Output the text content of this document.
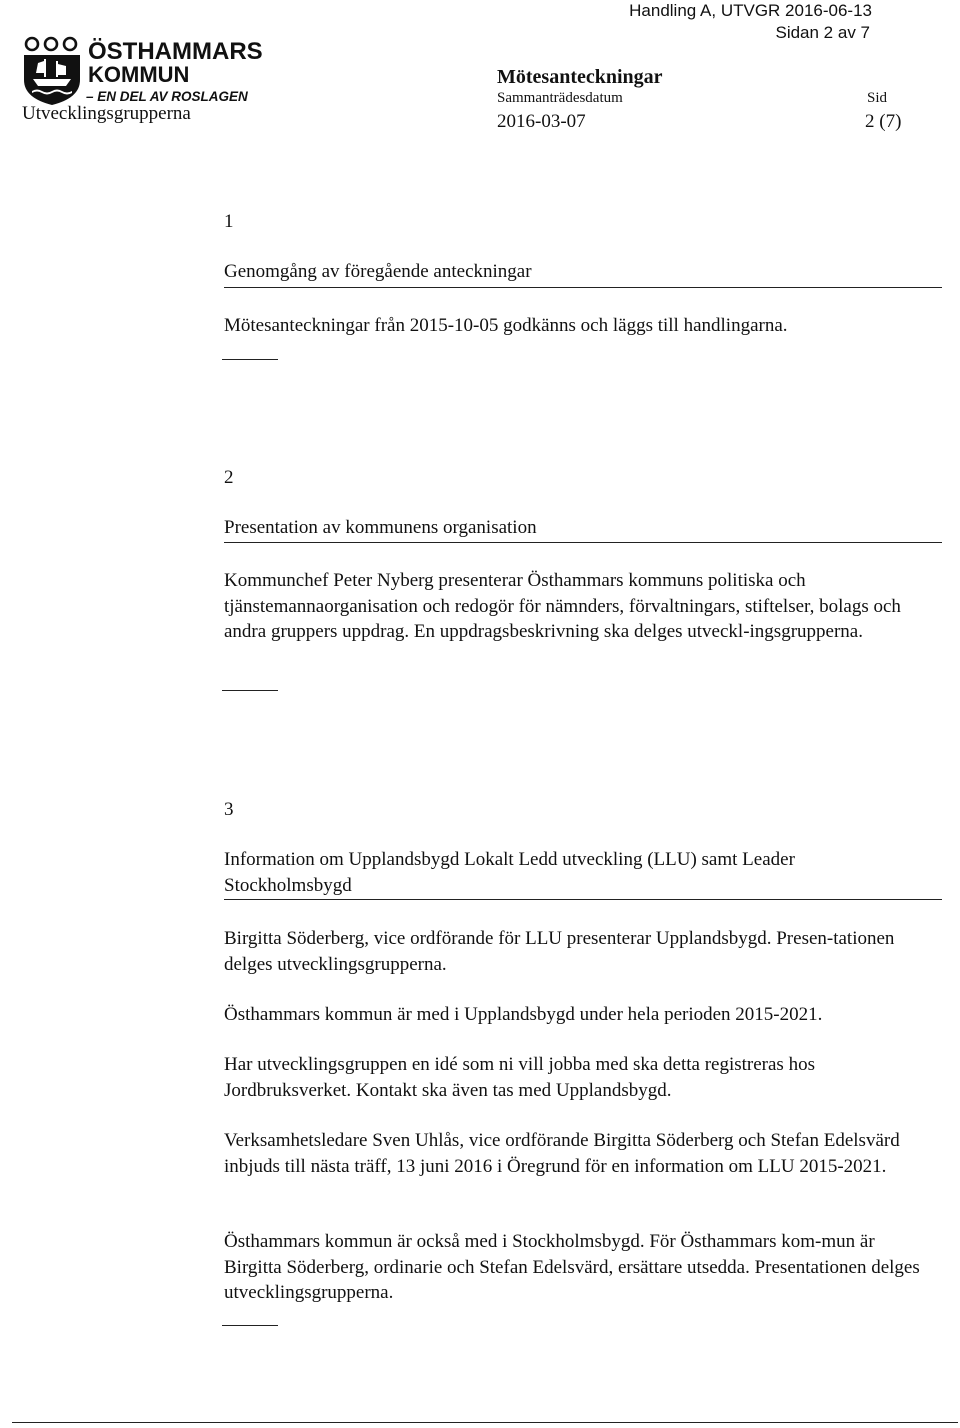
Handling A, UTVGR 2016-06-13
Sidan 2 av 7
ÖSTHAMMARS
KOMMUN
– EN DEL AV ROSLAGEN
Utvecklingsgrupperna
Mötesanteckningar
Sammanträdesdatum	Sid
2016-03-07	2 (7)
1
Genomgång av föregående anteckningar
Mötesanteckningar från 2015-10-05 godkänns och läggs till handlingarna.
2
Presentation av kommunens organisation
Kommunchef Peter Nyberg presenterar Östhammars kommuns politiska och tjänstemannaorganisation och redogör för nämnders, förvaltningars, stiftelser, bolags och andra gruppers uppdrag. En uppdragsbeskrivning ska delges utveckl-ingsgrupperna.
3
Information om Upplandsbygd Lokalt Ledd utveckling (LLU) samt Leader Stockholmsbygd
Birgitta Söderberg, vice ordförande för LLU presenterar Upplandsbygd. Presen-tationen delges utvecklingsgrupperna.
Östhammars kommun är med i Upplandsbygd under hela perioden 2015-2021.
Har utvecklingsgruppen en idé som ni vill jobba med ska detta registreras hos Jordbruksverket. Kontakt ska även tas med Upplandsbygd.
Verksamhetsledare Sven Uhlås, vice ordförande Birgitta Söderberg och Stefan Edelsvärd inbjuds till nästa träff, 13 juni 2016 i Öregrund för en information om LLU 2015-2021.
Östhammars kommun är också med i Stockholmsbygd. För Östhammars kom-mun är Birgitta Söderberg, ordinarie och Stefan Edelsvärd, ersättare utsedda. Presentationen delges utvecklingsgrupperna.
